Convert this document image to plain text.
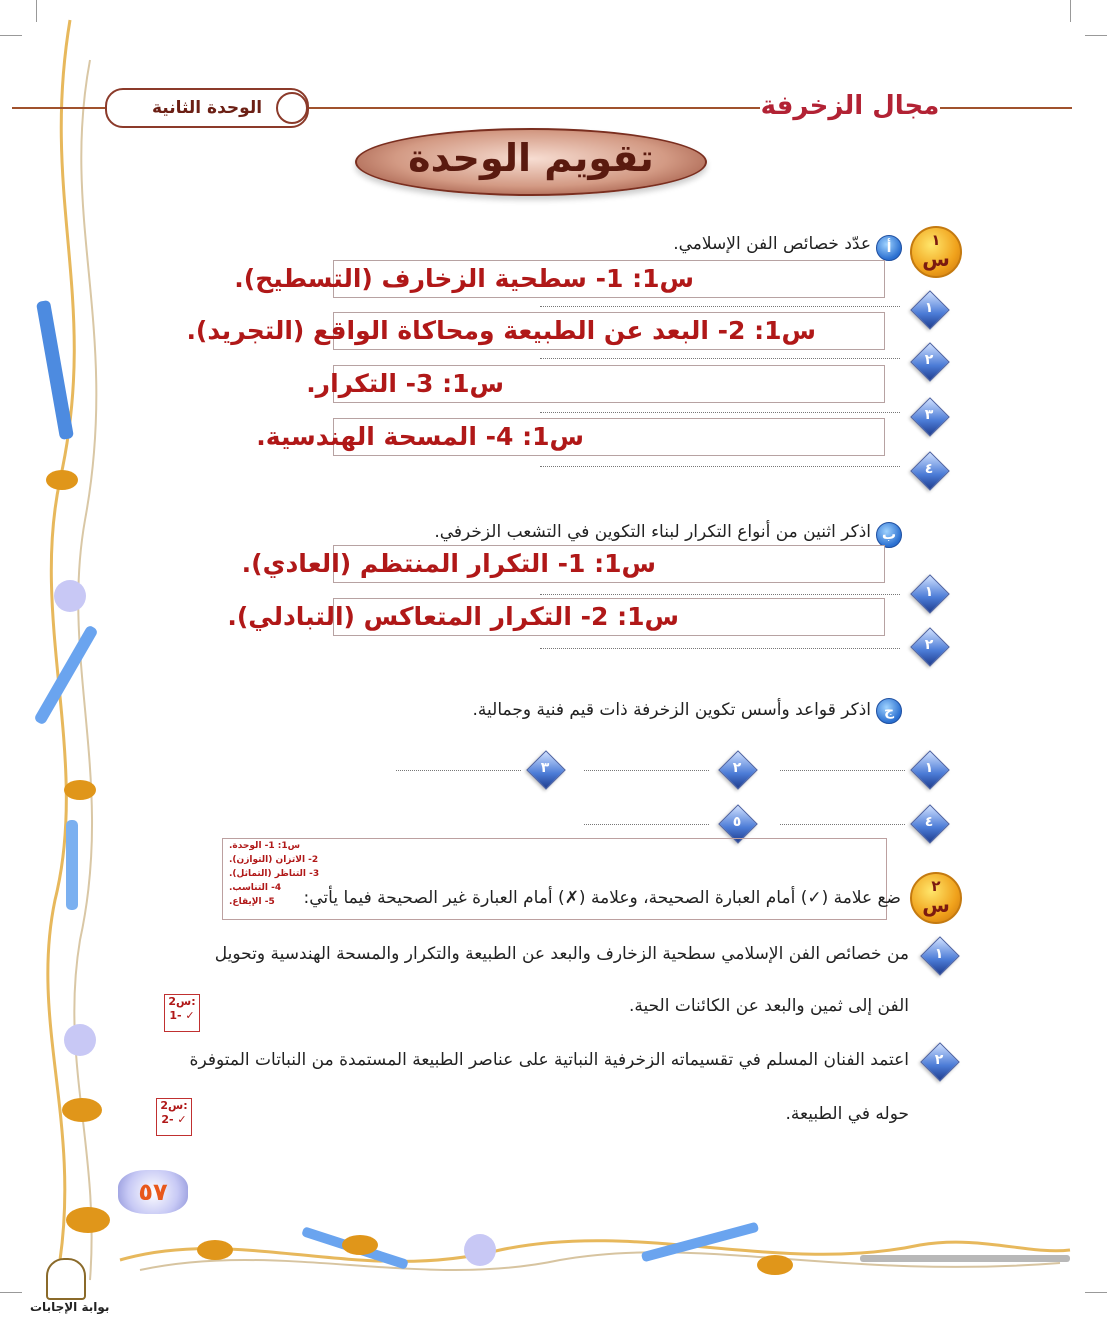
الوحدة الثانية	مجال الزخرفة
تقويم الوحدة
١
س
أ
عدّد خصائص الفن الإسلامي.
س1: 1- سطحية الزخارف (التسطيح).
س1: 2- البعد عن الطبيعة ومحاكاة الواقع (التجريد).
س1: 3- التكرار.
س1: 4- المسحة الهندسية.
١
٢
٣
٤
ب
اذكر اثنين من أنواع التكرار لبناء التكوين في التشعب الزخرفي.
س1: 1- التكرار المنتظم (العادي).
س1: 2- التكرار المتعاكس (التبادلي).
١
٢
ج
اذكر قواعد وأسس تكوين الزخرفة ذات قيم فنية وجمالية.
١
٢
٣
٤
٥
س1: 1- الوحدة.
2- الاتزان (التوازن).
3- التناظر (التماثل).
4- التناسب.
5- الإيقاع.
٢
س
ضع علامة (✓) أمام العبارة الصحيحة، وعلامة (✗) أمام العبارة غير الصحيحة فيما يأتي:
١
من خصائص الفن الإسلامي سطحية الزخارف والبعد عن الطبيعة والتكرار والمسحة الهندسية وتحويل
الفن إلى ثمين والبعد عن الكائنات الحية.
س2:
1- ✓
٢
اعتمد الفنان المسلم في تقسيماته الزخرفية النباتية على عناصر الطبيعة المستمدة من النباتات المتوفرة
حوله في الطبيعة.
س2:
2- ✓
٥٧
بوابة الإجابات
